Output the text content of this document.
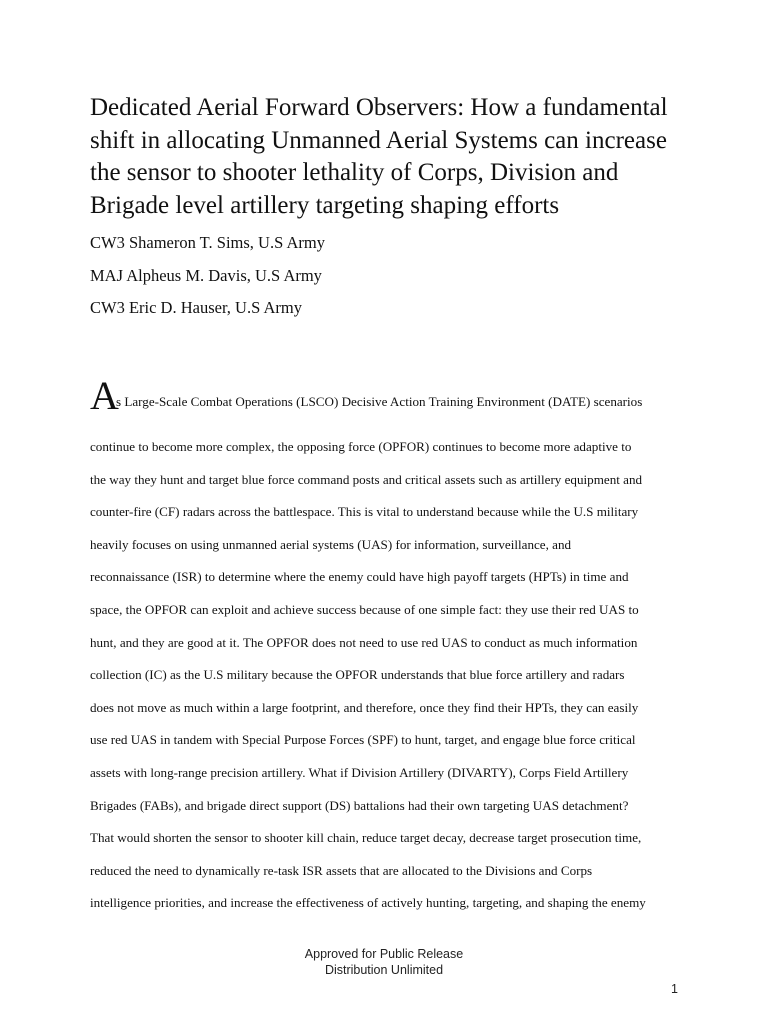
Dedicated Aerial Forward Observers: How a fundamental shift in allocating Unmanned Aerial Systems can increase the sensor to shooter lethality of Corps, Division and Brigade level artillery targeting shaping efforts
CW3 Shameron T. Sims, U.S Army
MAJ Alpheus M. Davis, U.S Army
CW3 Eric D. Hauser, U.S Army
A
s Large-Scale Combat Operations (LSCO) Decisive Action Training Environment (DATE) scenarios
continue to become more complex, the opposing force (OPFOR) continues to become more adaptive to
the way they hunt and target blue force command posts and critical assets such as artillery equipment and
counter-fire (CF) radars across the battlespace. This is vital to understand because while the U.S military
heavily focuses on using unmanned aerial systems (UAS) for information, surveillance, and
reconnaissance (ISR) to determine where the enemy could have high payoff targets (HPTs) in time and
space, the OPFOR can exploit and achieve success because of one simple fact: they use their red UAS to
hunt, and they are good at it. The OPFOR does not need to use red UAS to conduct as much information
collection (IC) as the U.S military because the OPFOR understands that blue force artillery and radars
does not move as much within a large footprint, and therefore, once they find their HPTs, they can easily
use red UAS in tandem with Special Purpose Forces (SPF) to hunt, target, and engage blue force critical
assets with long-range precision artillery. What if Division Artillery (DIVARTY), Corps Field Artillery
Brigades (FABs), and brigade direct support (DS) battalions had their own targeting UAS detachment?
That would shorten the sensor to shooter kill chain, reduce target decay, decrease target prosecution time,
reduced the need to dynamically re-task ISR assets that are allocated to the Divisions and Corps
intelligence priorities, and increase the effectiveness of actively hunting, targeting, and shaping the enemy
Approved for Public Release
Distribution Unlimited
1
